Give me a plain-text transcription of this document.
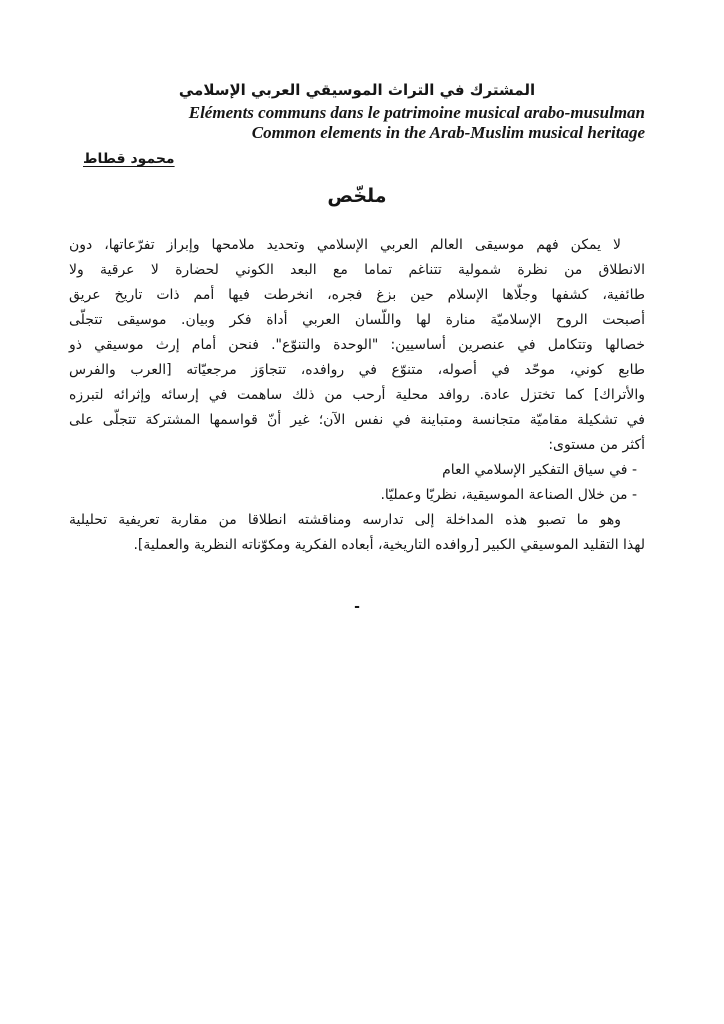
المشترك في التراث الموسيقي العربي الإسلامي
Eléments communs dans le patrimoine musical arabo-musulman
Common elements in the Arab-Muslim musical heritage
محمود قطاط
ملخّص
لا يمكن فهم موسيقى العالم العربي الإسلامي وتحديد ملامحها وإبراز تفرّعاتها، دون
الانطلاق من نظرة شمولية تتناغم تماما مع البعد الكوني لحضارة لا عرقية ولا
طائفية، كشفها وجلّاها الإسلام حين بزغ فجره، انخرطت فيها أمم ذات تاريخ عريق
أصبحت الروح الإسلاميّة منارة لها واللّسان العربي أداة فكر وبيان. موسيقى تتجلّى
خصالها وتتكامل في عنصرين أساسيين: "الوحدة والتنوّع". فنحن أمام إرث موسيقي ذو
طابع كوني، موحّد في أصوله، متنوّع في روافده، تتجاوَز مرجعيّاته [العرب والفرس
والأتراك] كما تختزل عادة. روافد محلية أرحب من ذلك ساهمت في إرسائه وإثرائه لتبرزه
في تشكيلة مقاميّة متجانسة ومتباينة في نفس الآن؛ غير أنّ قواسمها المشتركة تتجلّى على
أكثر من مستوى:
- في سياق التفكير الإسلامي العام
- من خلال الصناعة الموسيقية، نظريّا وعمليّا.
وهو ما تصبو هذه المداخلة إلى تدارسه ومناقشته انطلاقا من مقاربة تعريفية تحليلية
لهذا التقليد الموسيقي الكبير [روافده التاريخية، أبعاده الفكرية ومكوّناته النظرية والعملية].
-
